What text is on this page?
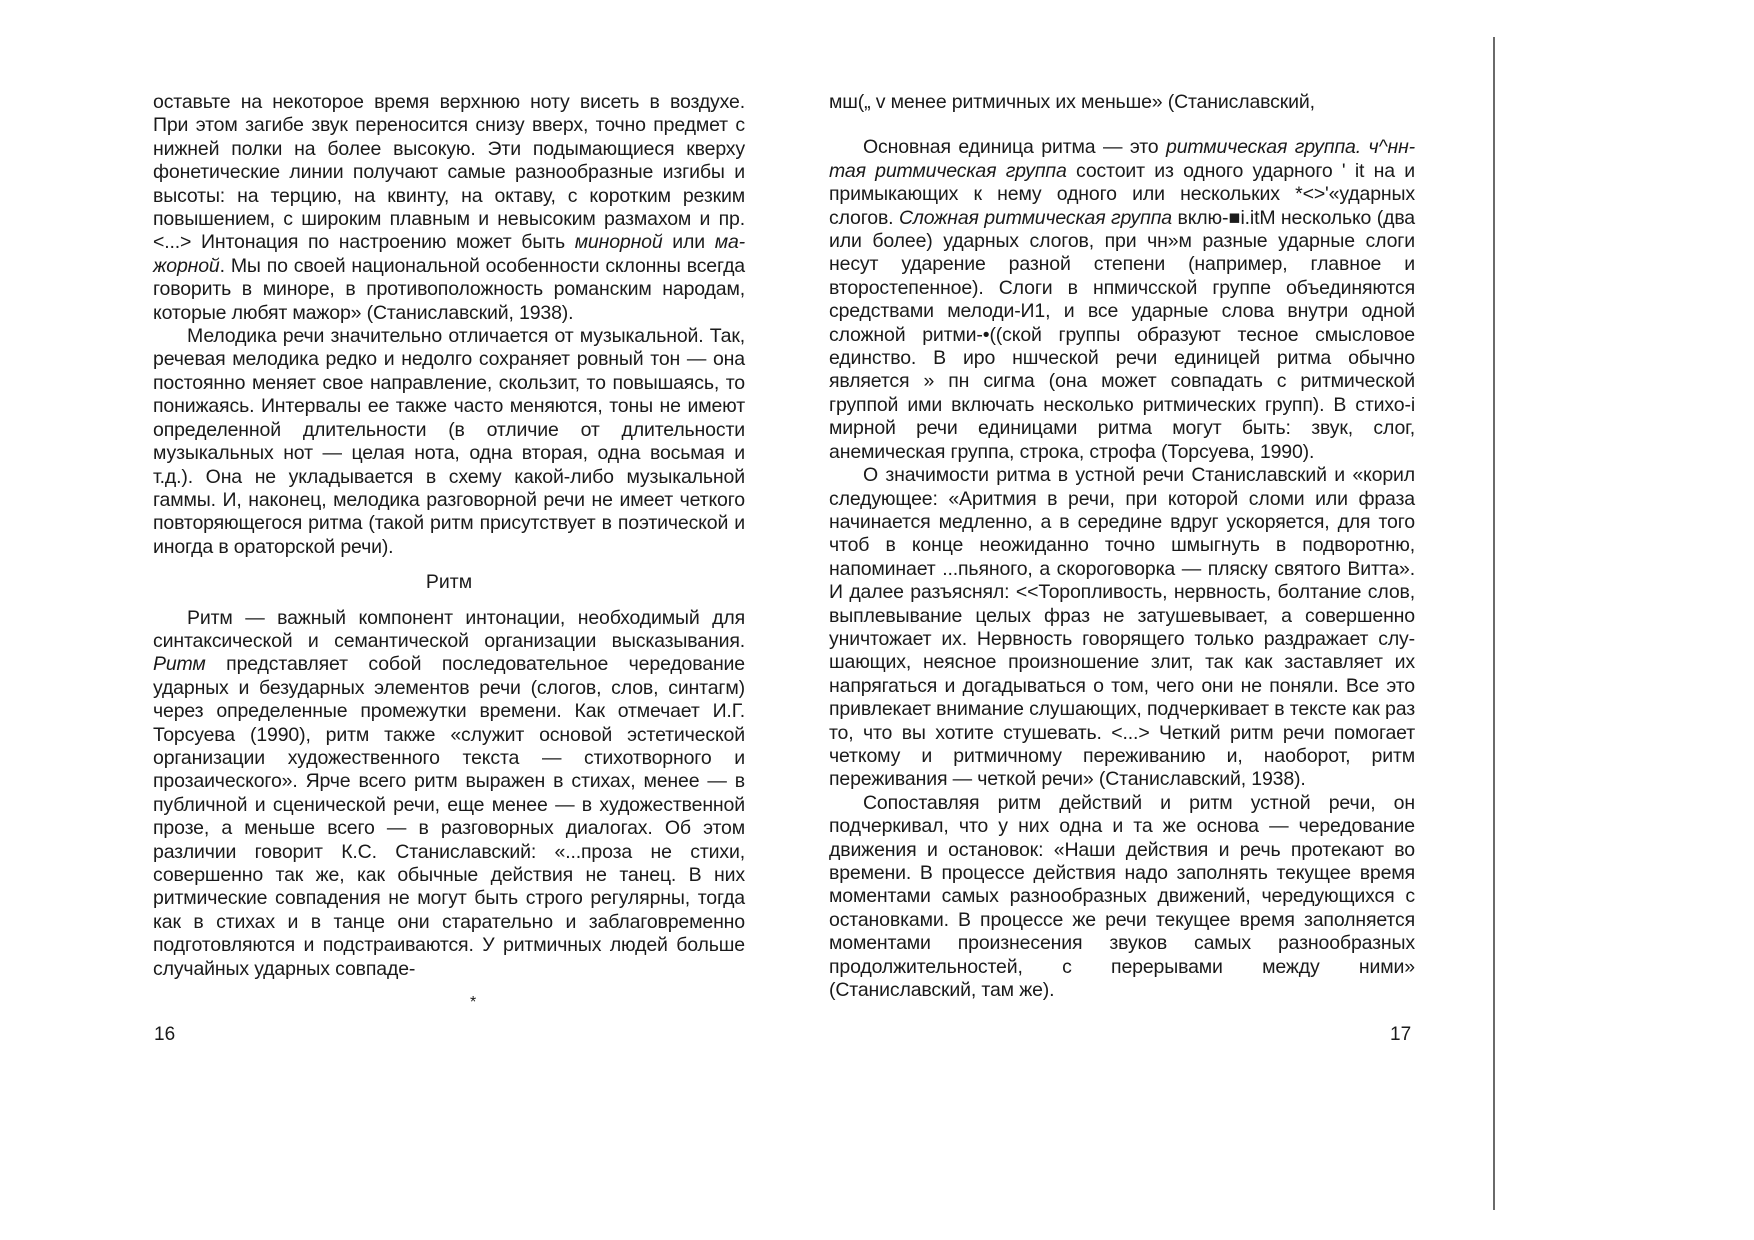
оставьте на некоторое время верхнюю ноту висеть в воздухе. При этом загибе звук переносится снизу вверх, точно предмет с нижней полки на более высокую. Эти подымающиеся кверху фонетические линии получают самые разнообразные изгибы и высоты: на терцию, на квинту, на октаву, с коротким резким повышением, с широким плавным и невысоким размахом и пр. <...> Интонация по настроению может быть минорной или ма-жорной. Мы по своей национальной особенности склонны всегда говорить в миноре, в противоположность романским народам, которые любят мажор» (Станиславский, 1938).

Мелодика речи значительно отличается от музыкальной. Так, речевая мелодика редко и недолго сохраняет ровный тон — она постоянно меняет свое направление, скользит, то повышаясь, то понижаясь. Интервалы ее также часто меняются, тоны не имеют определенной длительности (в отличие от длительности музыкальных нот — целая нота, одна вторая, одна восьмая и т.д.). Она не укладывается в схему какой-либо музыкальной гаммы. И, наконец, мелодика разговорной речи не имеет четкого повторяющегося ритма (такой ритм присутствует в поэтической и иногда в ораторской речи).

Ритм

Ритм — важный компонент интонации, необходимый для синтаксической и семантической организации высказывания. Ритм представляет собой последовательное чередование ударных и безударных элементов речи (слогов, слов, синтагм) через определенные промежутки времени. Как отмечает И.Г. Торсуева (1990), ритм также «служит основой эстетической организации художественного текста — стихотворного и прозаического». Ярче всего ритм выражен в стихах, менее — в публичной и сценической речи, еще менее — в художественной прозе, а меньше всего — в разговорных диалогах. Об этом различии говорит К.С. Станиславский: «...проза не стихи, совершенно так же, как обычные действия не танец. В них ритмические совпадения не могут быть строго регулярны, тогда как в стихах и в танце они старательно и заблаговременно подготовляются и подстраиваются. У ритмичных людей больше случайных ударных совпаде-

*
16

мш(„ v менее ритмичных их меньше» (Станиславский,

Основная единица ритма — это ритмическая группа. ч^нн-тая ритмическая группа состоит из одного ударного ' it на и примыкающих к нему одного или нескольких *<>'«ударных слогов. Сложная ритмическая группа вклю-■i.itM несколько (два или более) ударных слогов, при чн»м разные ударные слоги несут ударение разной степени (например, главное и второстепенное). Слоги в нпмичсской группе объединяются средствами мелоди-И1, и все ударные слова внутри одной сложной ритми-•((ской группы образуют тесное смысловое единство. В иро ншческой речи единицей ритма обычно является » пн сигма (она может совпадать с ритмической группой ими включать несколько ритмических групп). В стихо-i мирной речи единицами ритма могут быть: звук, слог, анемическая группа, строка, строфа (Торсуева, 1990).

О значимости ритма в устной речи Станиславский и «корил следующее: «Аритмия в речи, при которой сломи или фраза начинается медленно, а в середине вдруг ускоряется, для того чтоб в конце неожиданно точно шмыгнуть в подворотню, напоминает ...пьяного, а скороговорка — пляску святого Витта». И далее разъяснял: <<Торопливость, нервность, болтание слов, выплевывание целых фраз не затушевывает, а совершенно уничтожает их. Нервность говорящего только раздражает слу-шающих, неясное произношение злит, так как заставляет их напрягаться и догадываться о том, чего они не поняли. Все это привлекает внимание слушающих, подчеркивает в тексте как раз то, что вы хотите стушевать. <...> Четкий ритм речи помогает четкому и ритмичному переживанию и, наоборот, ритм переживания — четкой речи» (Станиславский, 1938).

Сопоставляя ритм действий и ритм устной речи, он подчеркивал, что у них одна и та же основа — чередование движения и остановок: «Наши действия и речь протекают во времени. В процессе действия надо заполнять текущее время моментами самых разнообразных движений, чередующихся с остановками. В процессе же речи текущее время заполняется моментами произнесения звуков самых разнообразных продолжительностей, с перерывами между ними» (Станиславский, там же).

17
